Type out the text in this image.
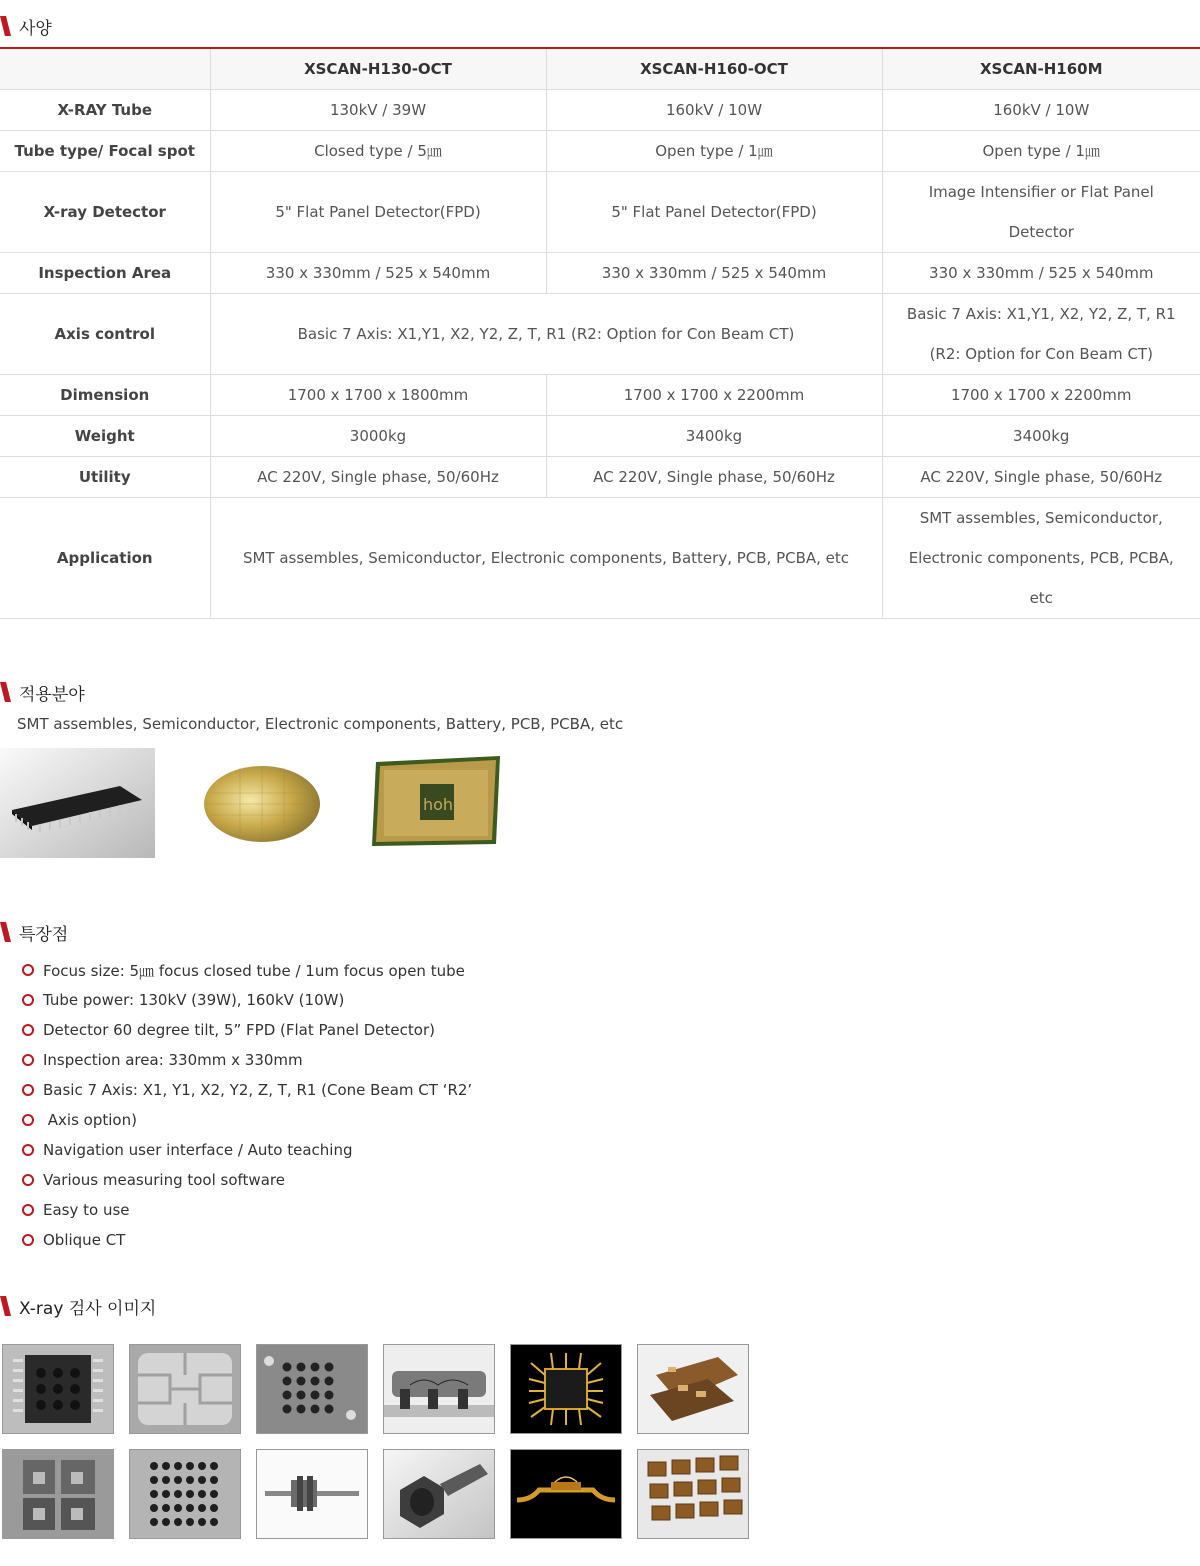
사양
	XSCAN-H130-OCT	XSCAN-H160-OCT	XSCAN-H160M
X-RAY Tube	130kV / 39W	160kV / 10W	160kV / 10W
Tube type/ Focal spot	Closed type / 5㎛	Open type / 1㎛	Open type / 1㎛
X-ray Detector	5" Flat Panel Detector(FPD)	5" Flat Panel Detector(FPD)	Image Intensifier or Flat Panel Detector
Inspection Area	330 x 330mm / 525 x 540mm	330 x 330mm / 525 x 540mm	330 x 330mm / 525 x 540mm
Axis control	Basic 7 Axis: X1,Y1, X2, Y2, Z, T, R1 (R2: Option for Con Beam CT)		Basic 7 Axis: X1,Y1, X2, Y2, Z, T, R1 (R2: Option for Con Beam CT)
Dimension	1700 x 1700 x 1800mm	1700 x 1700 x 2200mm	1700 x 1700 x 2200mm
Weight	3000kg	3400kg	3400kg
Utility	AC 220V, Single phase, 50/60Hz	AC 220V, Single phase, 50/60Hz	AC 220V, Single phase, 50/60Hz
Application	SMT assembles, Semiconductor, Electronic components, Battery, PCB, PCBA, etc		SMT assembles, Semiconductor, Electronic components, PCB, PCBA, etc
적용분야
SMT assembles, Semiconductor, Electronic components, Battery, PCB, PCBA, etc
hoh
특장점
Focus size: 5㎛ focus closed tube / 1um focus open tube
Tube power: 130kV (39W), 160kV (10W)
Detector 60 degree tilt, 5” FPD (Flat Panel Detector)
Inspection area: 330mm x 330mm
Basic 7 Axis: X1, Y1, X2, Y2, Z, T, R1 (Cone Beam CT ‘R2’
Axis option)
Navigation user interface / Auto teaching
Various measuring tool software
Easy to use
Oblique CT
X-ray 검사 이미지
